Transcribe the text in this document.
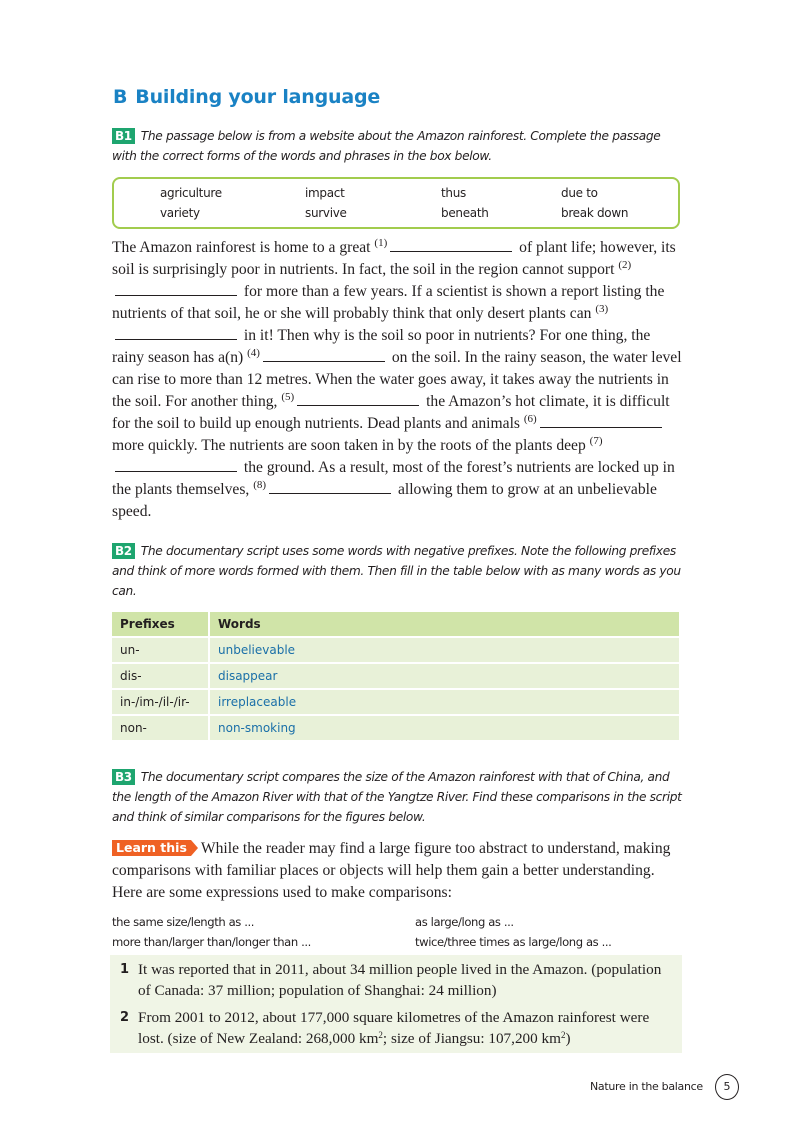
B Building your language
B1 The passage below is from a website about the Amazon rainforest. Complete the passage with the correct forms of the words and phrases in the box below.
agriculture	impact	thus	due to
variety	survive	beneath	break down
The Amazon rainforest is home to a great $^{(1)}$	of plant life; however, its soil is surprisingly poor in nutrients. In fact, the soil in the region cannot support $^{(2)}$ for more than a few years. If a scientist is shown a report listing the nutrients of that soil, he or she will probably think that only desert plants can $^{(3)}$ in it! Then why is the soil so poor in nutrients? For one thing, the rainy season has a(n) $^{(4)}$	on the soil. In the rainy season, the water level can rise to more than 12 metres. When the water goes away, it takes away the nutrients in the soil. For another thing, $^{(5)}$	the Amazon’s hot climate, it is difficult for the soil to build up enough nutrients. Dead plants and animals $^{(6)}$ more quickly. The nutrients are soon taken in by the roots of the plants deep $^{(7)}$ the ground. As a result, most of the forest’s nutrients are locked up in the plants themselves, $^{(8)}$	allowing them to grow at an unbelievable speed.
B2 The documentary script uses some words with negative prefixes. Note the following prefixes and think of more words formed with them. Then fill in the table below with as many words as you can.
Prefixes	Words
un-	unbelievable
dis-	disappear
in-/im-/il-/ir-	irreplaceable
non-	non-smoking
B3 The documentary script compares the size of the Amazon rainforest with that of China, and the length of the Amazon River with that of the Yangtze River. Find these comparisons in the script and think of similar comparisons for the figures below.
Learn this While the reader may find a large figure too abstract to understand, making comparisons with familiar places or objects will help them gain a better understanding. Here are some expressions used to make comparisons:
the same size/length as ...	as large/long as ...
more than/larger than/longer than ...	twice/three times as large/long as ...
1 It was reported that in 2011, about 34 million people lived in the Amazon. (population of Canada: 37 million; population of Shanghai: 24 million)
2 From 2001 to 2012, about 177,000 square kilometres of the Amazon rainforest were lost. (size of New Zealand: 268,000 $km^2$; size of Jiangsu: 107,200 $km^2$)
Nature in the balance	5
